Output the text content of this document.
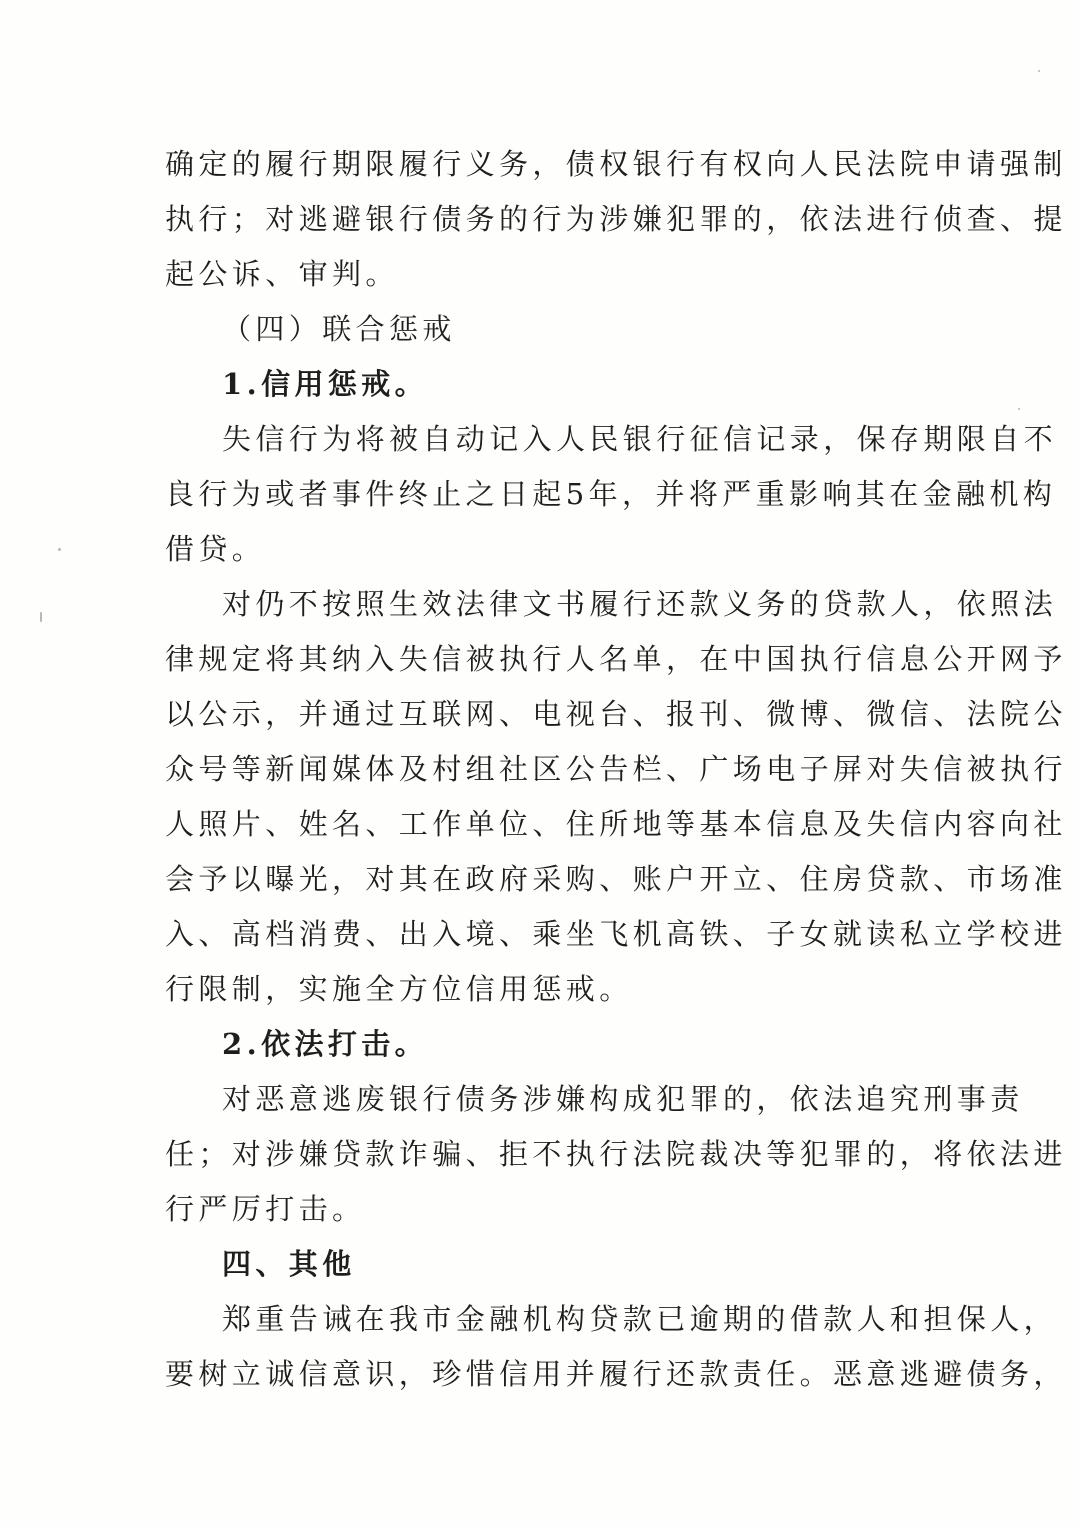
确定的履行期限履行义务，债权银行有权向人民法院申请强制
执行；对逃避银行债务的行为涉嫌犯罪的，依法进行侦查、提
起公诉、审判。
（四）联合惩戒
1.信用惩戒。
失信行为将被自动记入人民银行征信记录，保存期限自不
良行为或者事件终止之日起5年，并将严重影响其在金融机构
借贷。
对仍不按照生效法律文书履行还款义务的贷款人，依照法
律规定将其纳入失信被执行人名单，在中国执行信息公开网予
以公示，并通过互联网、电视台、报刊、微博、微信、法院公
众号等新闻媒体及村组社区公告栏、广场电子屏对失信被执行
人照片、姓名、工作单位、住所地等基本信息及失信内容向社
会予以曝光，对其在政府采购、账户开立、住房贷款、市场准
入、高档消费、出入境、乘坐飞机高铁、子女就读私立学校进
行限制，实施全方位信用惩戒。
2.依法打击。
对恶意逃废银行债务涉嫌构成犯罪的，依法追究刑事责
任；对涉嫌贷款诈骗、拒不执行法院裁决等犯罪的，将依法进
行严厉打击。
四、其他
郑重告诫在我市金融机构贷款已逾期的借款人和担保人，
要树立诚信意识，珍惜信用并履行还款责任。恶意逃避债务，
